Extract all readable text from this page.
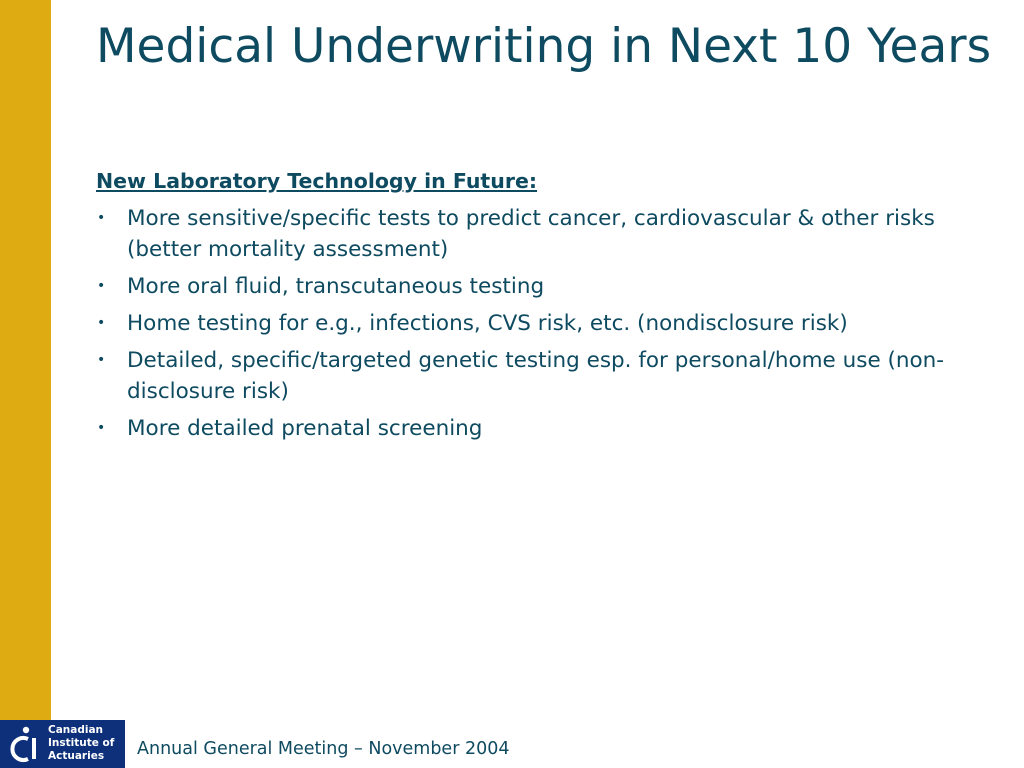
Medical Underwriting in Next 10 Years

New Laboratory Technology in Future:

• More sensitive/specific tests to predict cancer, cardiovascular & other risks (better mortality assessment)
• More oral fluid, transcutaneous testing
• Home testing for e.g., infections, CVS risk, etc. (nondisclosure risk)
• Detailed, specific/targeted genetic testing esp. for personal/home use (non-disclosure risk)
• More detailed prenatal screening
Canadian
Institute of
Actuaries	Annual General Meeting – November 2004
